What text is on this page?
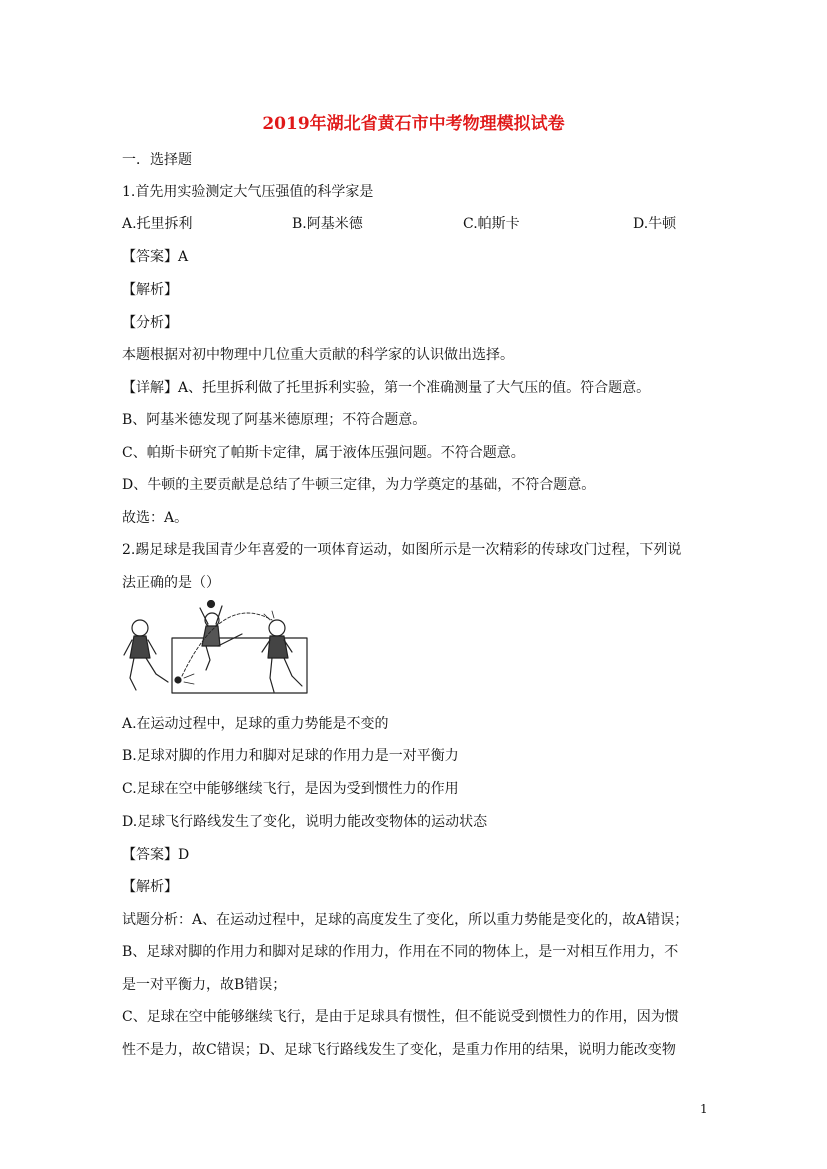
2019年湖北省黄石市中考物理模拟试卷
一．选择题
1.首先用实验测定大气压强值的科学家是
A.托里拆利	B.阿基米德	C.帕斯卡	D.牛顿
【答案】A
【解析】
【分析】
本题根据对初中物理中几位重大贡献的科学家的认识做出选择。
【详解】A、托里拆利做了托里拆利实验，第一个准确测量了大气压的值。符合题意。
B、阿基米德发现了阿基米德原理；不符合题意。
C、帕斯卡研究了帕斯卡定律，属于液体压强问题。不符合题意。
D、牛顿的主要贡献是总结了牛顿三定律，为力学奠定的基础，不符合题意。
故选：A。
2.踢足球是我国青少年喜爱的一项体育运动，如图所示是一次精彩的传球攻门过程，下列说
法正确的是（）
A.在运动过程中，足球的重力势能是不变的
B.足球对脚的作用力和脚对足球的作用力是一对平衡力
C.足球在空中能够继续飞行，是因为受到惯性力的作用
D.足球飞行路线发生了变化，说明力能改变物体的运动状态
【答案】D
【解析】
试题分析：A、在运动过程中，足球的高度发生了变化，所以重力势能是变化的，故A错误；
B、足球对脚的作用力和脚对足球的作用力，作用在不同的物体上，是一对相互作用力，不
是一对平衡力，故B错误；
C、足球在空中能够继续飞行，是由于足球具有惯性，但不能说受到惯性力的作用，因为惯
性不是力，故C错误；D、足球飞行路线发生了变化，是重力作用的结果，说明力能改变物
1
